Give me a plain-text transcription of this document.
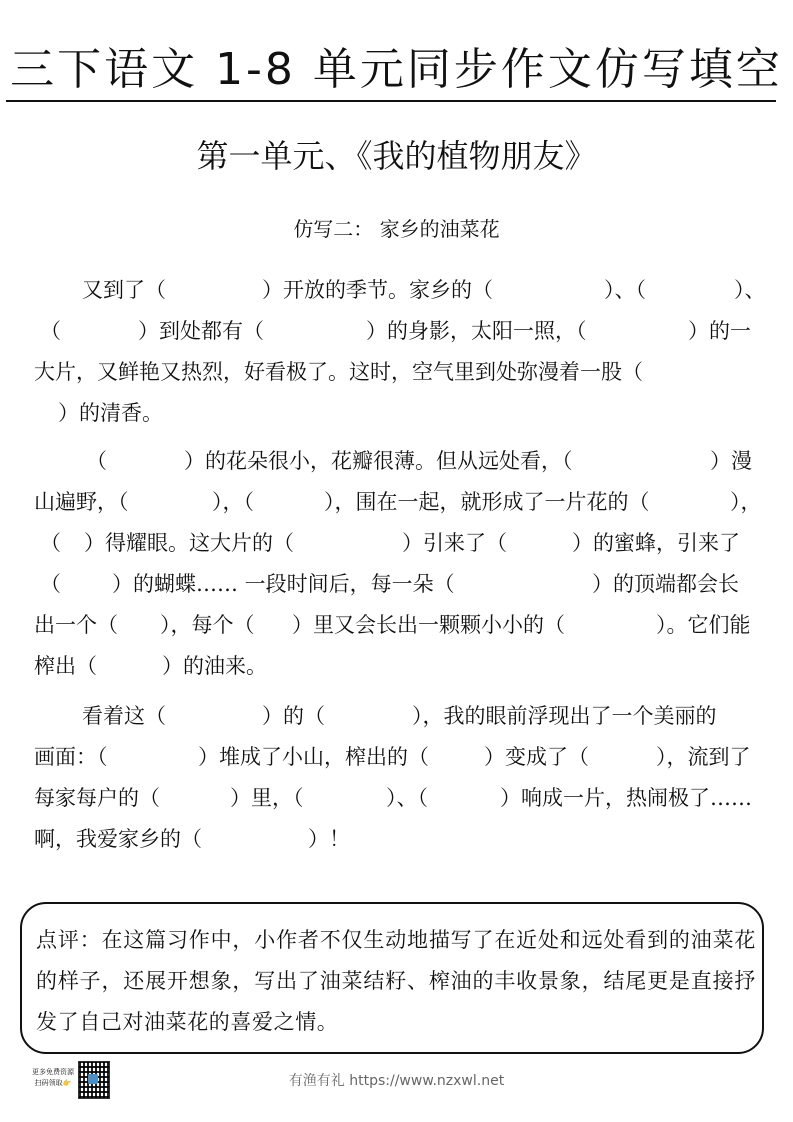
三下语文 1-8 单元同步作文仿写填空
第一单元、《我的植物朋友》
仿写二： 家乡的油菜花
又到了（	）开放的季节。家乡的（	）、（	）、
（	）到处都有（	）的身影，太阳一照，（	）的一
大片，又鲜艳又热烈，好看极了。这时，空气里到处弥漫着一股（
）的清香。
（	）的花朵很小，花瓣很薄。但从远处看，（	）漫
山遍野，（	），（	），围在一起，就形成了一片花的（	），
（ ）得耀眼。这大片的（	）引来了（	）的蜜蜂，引来了
（ ）的蝴蝶…… 一段时间后，每一朵（	）的顶端都会长
出一个（ ），每个（ ）里又会长出一颗颗小小的（	）。它们能
榨出（	）的油来。
看着这（	）的（	），我的眼前浮现出了一个美丽的
画面：（	）堆成了小山，榨出的（	）变成了（	），流到了
每家每户的（	）里，（	）、（	）响成一片，热闹极了……
啊，我爱家乡的（	）！
点评：在这篇习作中，小作者不仅生动地描写了在近处和远处看到的油菜花的样子，还展开想象，写出了油菜结籽、榨油的丰收景象，结尾更是直接抒发了自己对油菜花的喜爱之情。
更多免费资源
扫码领取👉	有渔有礼 https://www.nzxwl.net
